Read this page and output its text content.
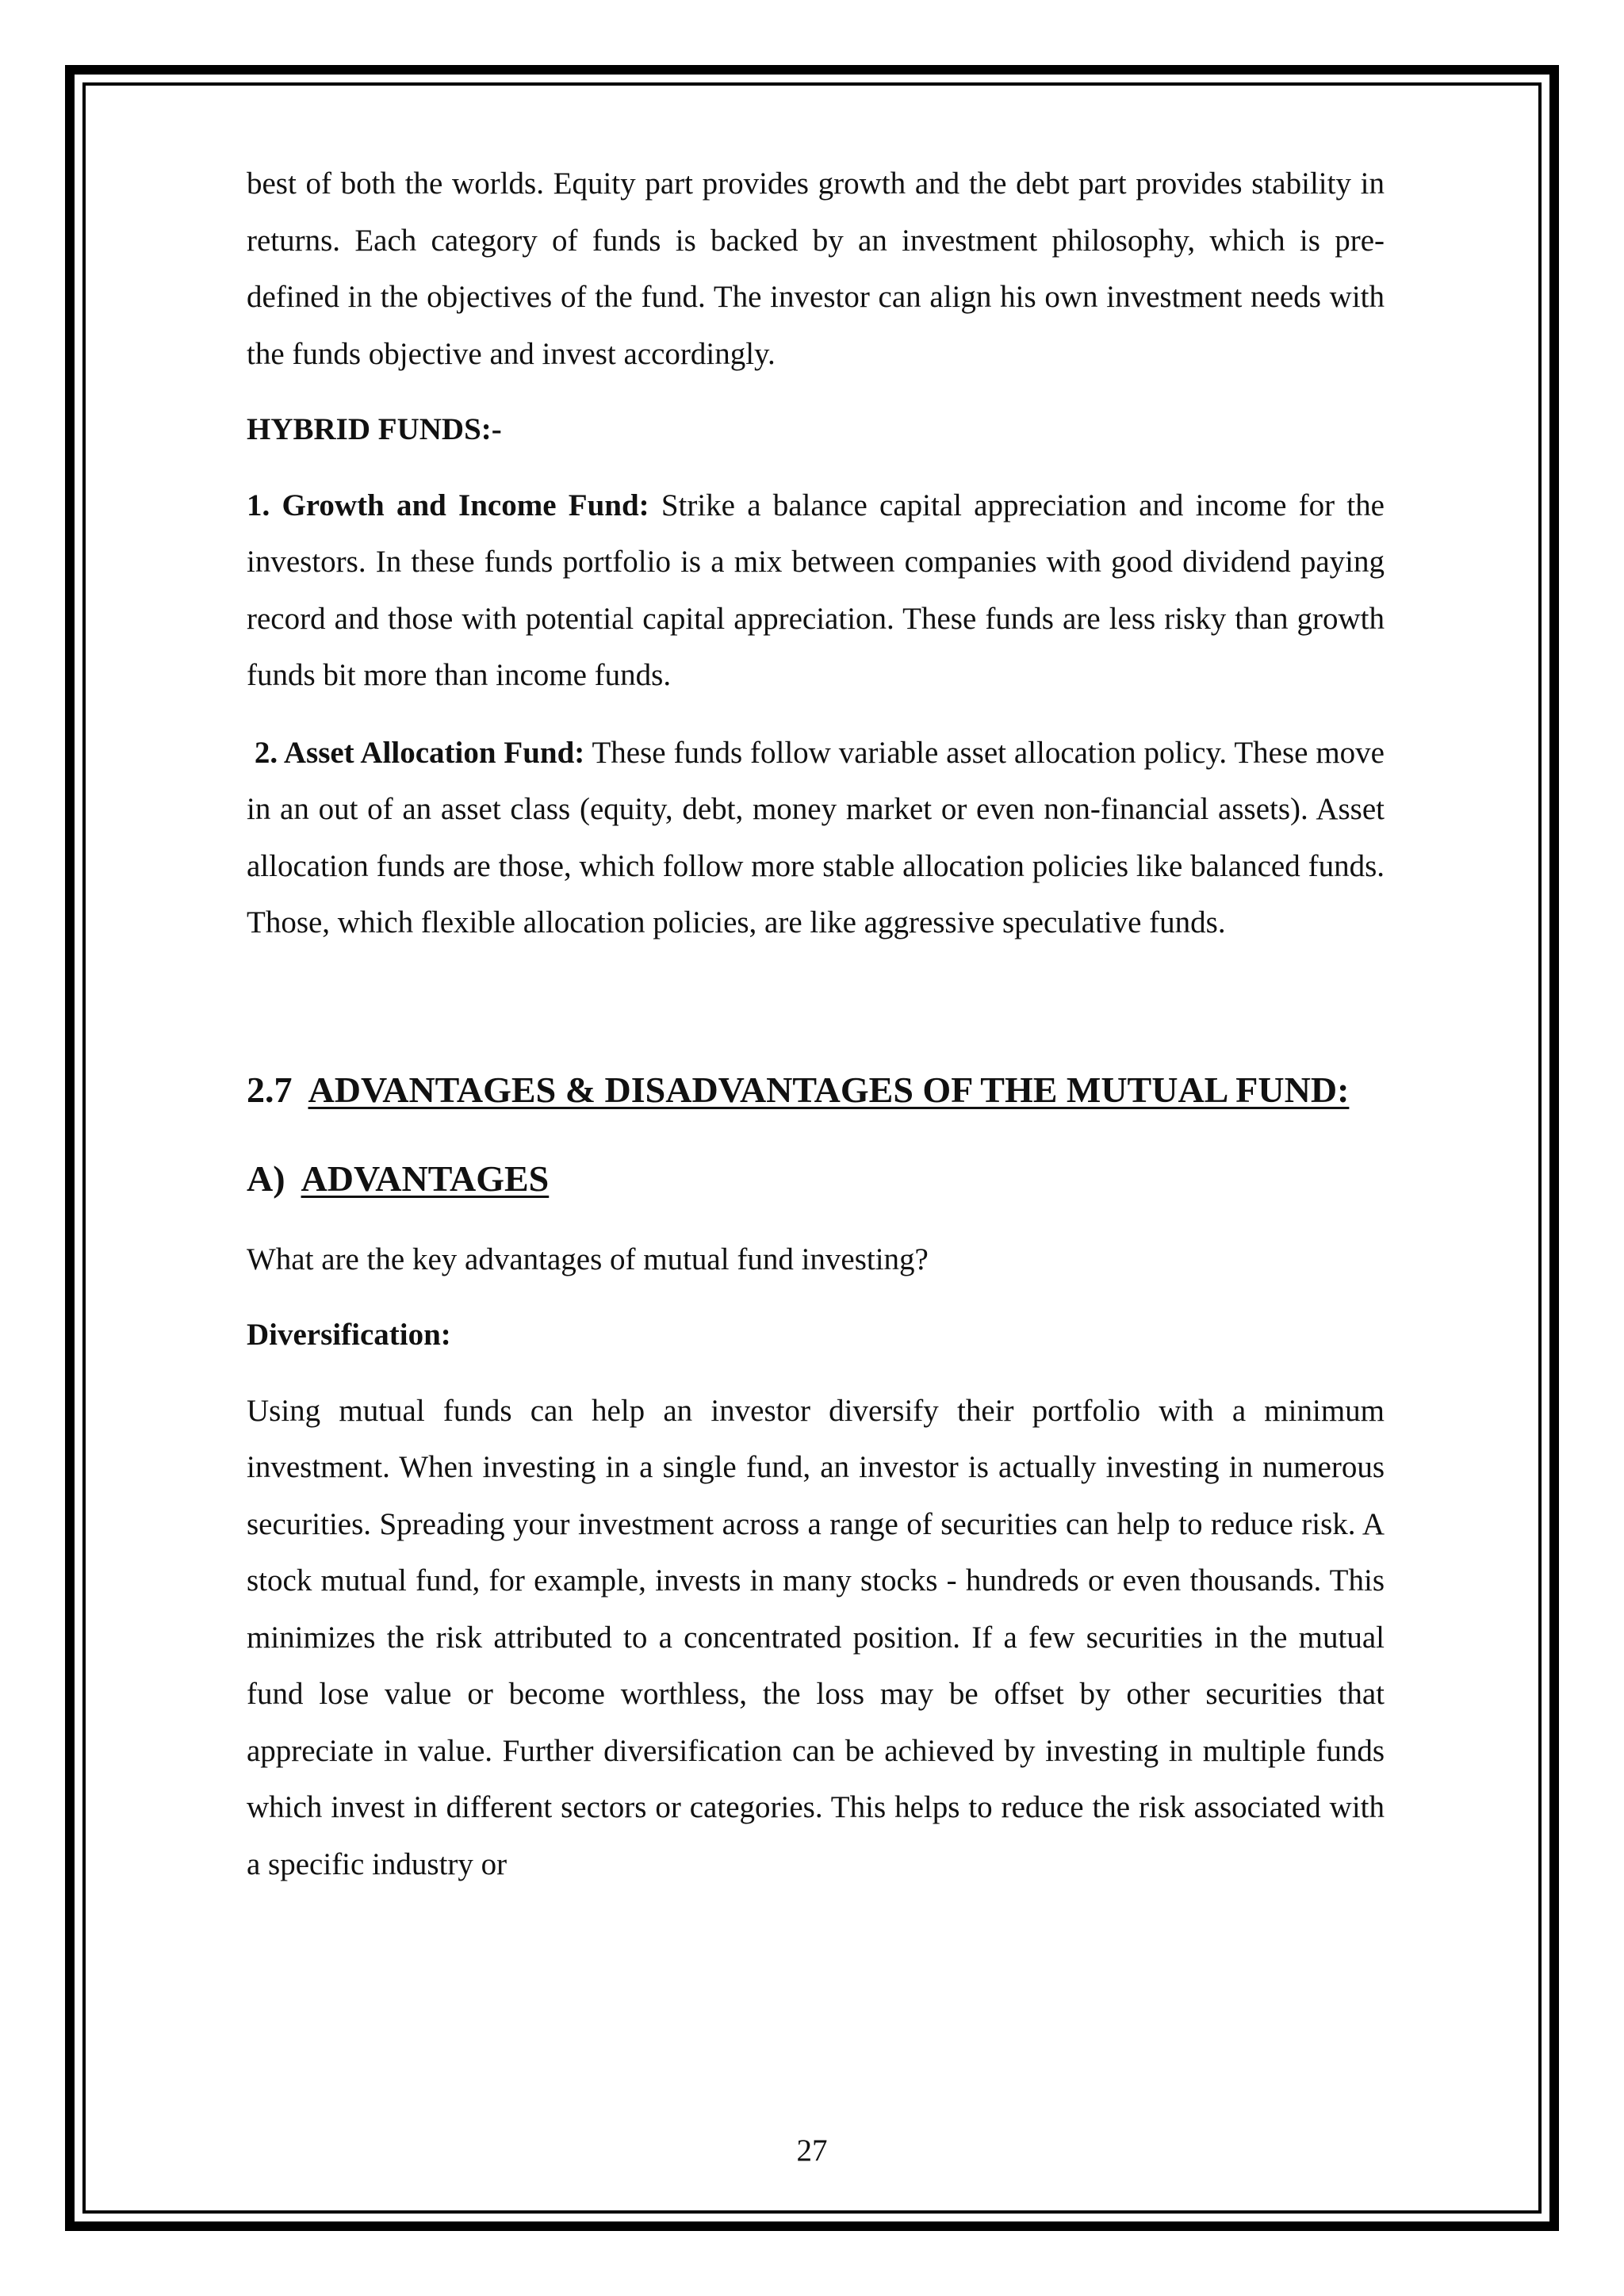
best of both the worlds. Equity part provides growth and the debt part provides stability in returns. Each category of funds is backed by an investment philosophy, which is pre-defined in the objectives of the fund. The investor can align his own investment needs with the funds objective and invest accordingly.

HYBRID FUNDS:-

1. Growth and Income Fund: Strike a balance capital appreciation and income for the investors. In these funds portfolio is a mix between companies with good dividend paying record and those with potential capital appreciation. These funds are less risky than growth funds bit more than income funds.

2. Asset Allocation Fund: These funds follow variable asset allocation policy. These move in an out of an asset class (equity, debt, money market or even non-financial assets). Asset allocation funds are those, which follow more stable allocation policies like balanced funds. Those, which flexible allocation policies, are like aggressive speculative funds.

2.7 ADVANTAGES & DISADVANTAGES OF THE MUTUAL FUND:
A) ADVANTAGES

What are the key advantages of mutual fund investing?

Diversification:

Using mutual funds can help an investor diversify their portfolio with a minimum investment. When investing in a single fund, an investor is actually investing in numerous securities. Spreading your investment across a range of securities can help to reduce risk. A stock mutual fund, for example, invests in many stocks - hundreds or even thousands. This minimizes the risk attributed to a concentrated position. If a few securities in the mutual fund lose value or become worthless, the loss may be offset by other securities that appreciate in value. Further diversification can be achieved by investing in multiple funds which invest in different sectors or categories. This helps to reduce the risk associated with a specific industry or

27
